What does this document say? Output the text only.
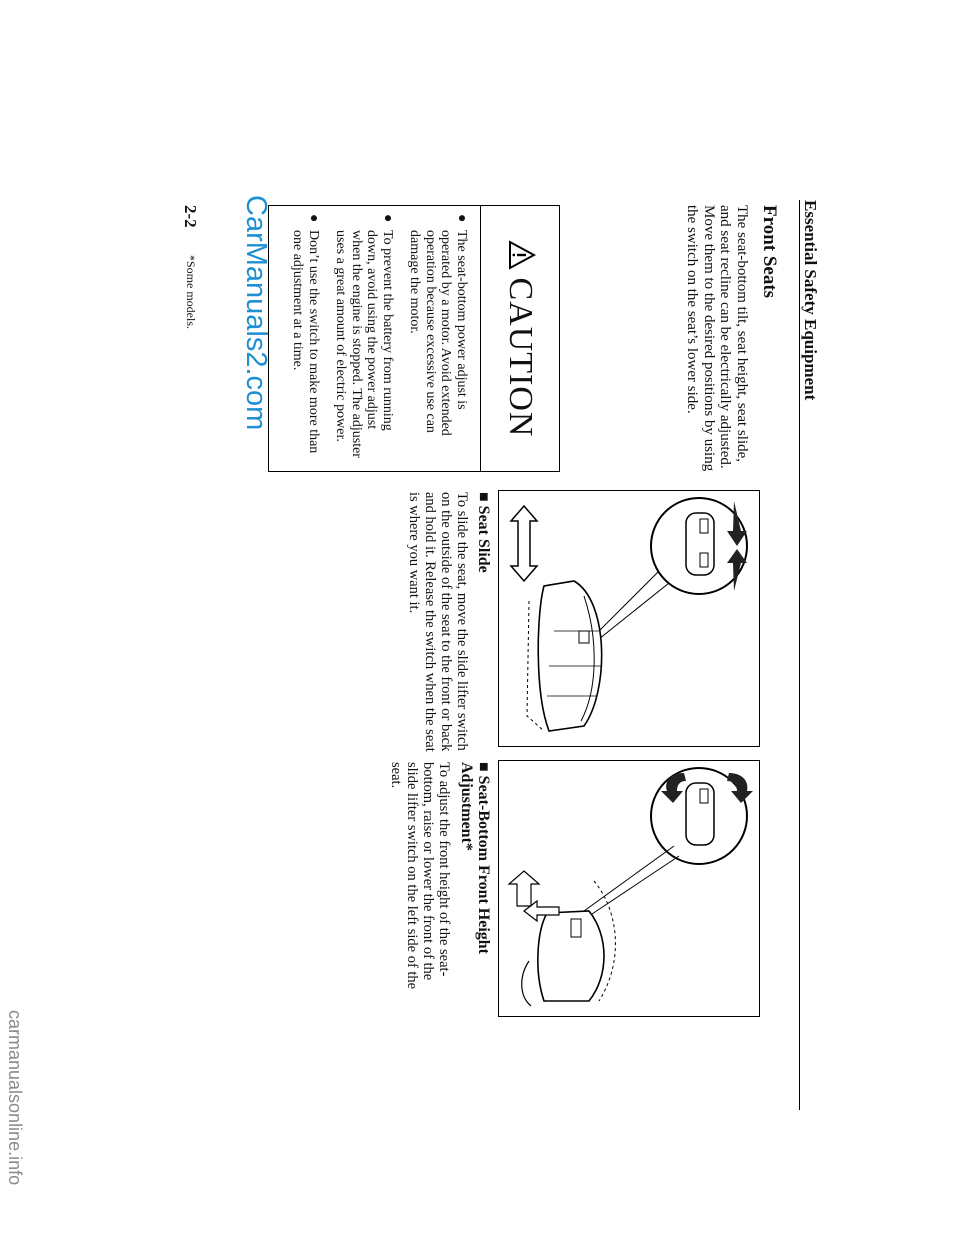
Essential Safety Equipment
Front Seats
The seat-bottom tilt, seat height, seat slide, and seat recline can be electrically adjusted. Move them to the desired positions by using the switch on the seat’s lower side.
CAUTION
●
The seat-bottom power adjust is operated by a motor. Avoid extended operation because excessive use can damage the motor.
●
To prevent the battery from running down, avoid using the power adjust when the engine is stopped. The adjuster uses a great amount of electric power.
●
Don’t use the switch to make more than one adjustment at a time.
■ Seat Slide
To slide the seat, move the slide lifter switch on the outside of the seat to the front or back and hold it. Release the switch when the seat is where you want it.
■ Seat-Bottom Front Height Adjustment*
To adjust the front height of the seat-bottom, raise or lower the front of the slide lifter switch on the left side of the seat.
2-2
*Some models. CarManuals2.com
carmanualsonline.info
